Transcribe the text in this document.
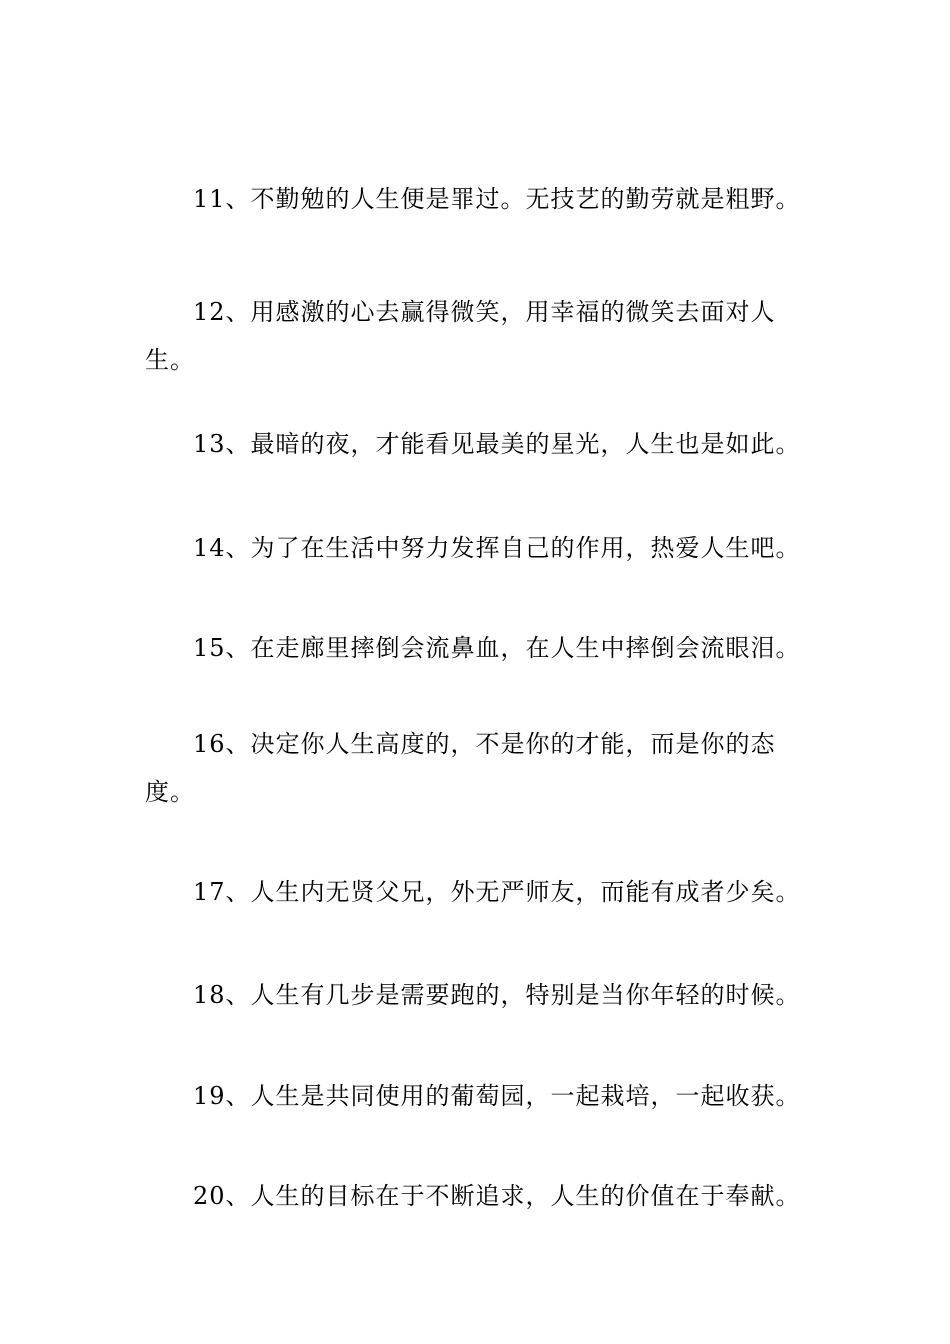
11、不勤勉的人生便是罪过。无技艺的勤劳就是粗野。

12、用感激的心去赢得微笑，用幸福的微笑去面对人生。

13、最暗的夜，才能看见最美的星光，人生也是如此。

14、为了在生活中努力发挥自己的作用，热爱人生吧。

15、在走廊里摔倒会流鼻血，在人生中摔倒会流眼泪。

16、决定你人生高度的，不是你的才能，而是你的态度。

17、人生内无贤父兄，外无严师友，而能有成者少矣。

18、人生有几步是需要跑的，特别是当你年轻的时候。

19、人生是共同使用的葡萄园，一起栽培，一起收获。

20、人生的目标在于不断追求，人生的价值在于奉献。
